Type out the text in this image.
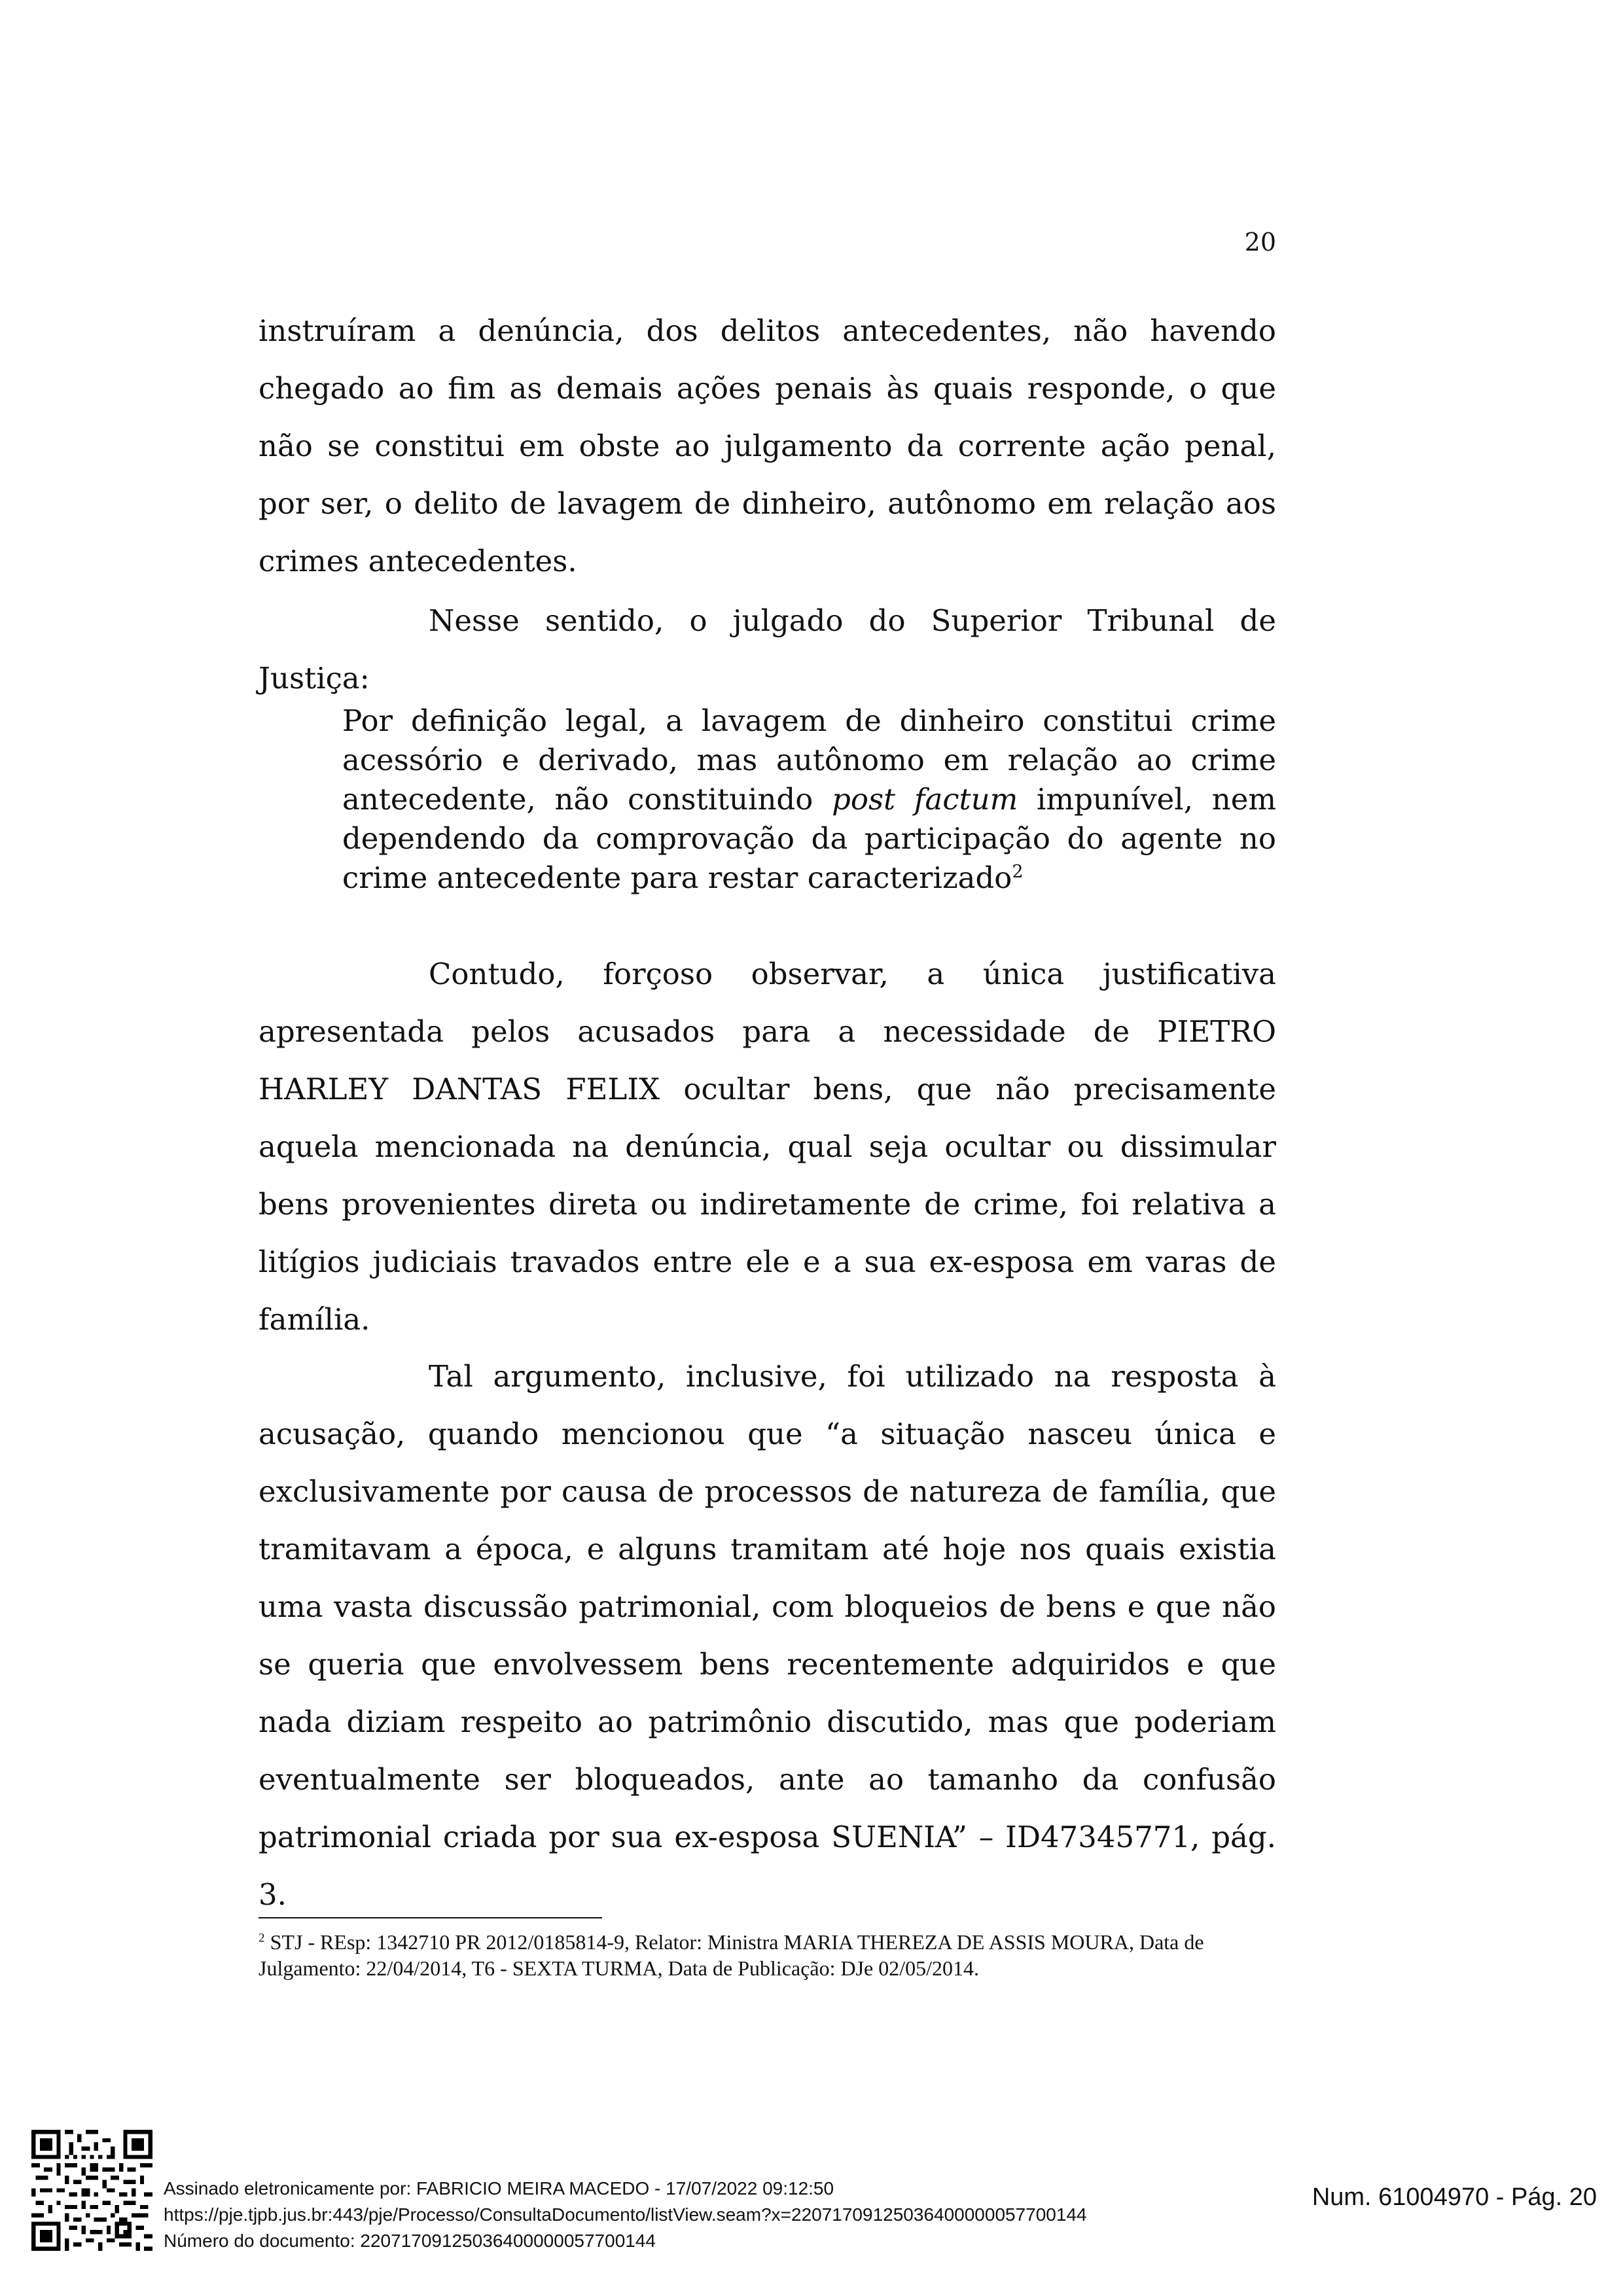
20

instruíram a denúncia, dos delitos antecedentes, não havendo chegado ao fim as demais ações penais às quais responde, o que não se constitui em obste ao julgamento da corrente ação penal, por ser, o delito de lavagem de dinheiro, autônomo em relação aos crimes antecedentes.

Nesse sentido, o julgado do Superior Tribunal de Justiça:

Por definição legal, a lavagem de dinheiro constitui crime acessório e derivado, mas autônomo em relação ao crime antecedente, não constituindo post factum impunível, nem dependendo da comprovação da participação do agente no crime antecedente para restar caracterizado$^2$

Contudo, forçoso observar, a única justificativa apresentada pelos acusados para a necessidade de PIETRO HARLEY DANTAS FELIX ocultar bens, que não precisamente aquela mencionada na denúncia, qual seja ocultar ou dissimular bens provenientes direta ou indiretamente de crime, foi relativa a litígios judiciais travados entre ele e a sua ex-esposa em varas de família.

Tal argumento, inclusive, foi utilizado na resposta à acusação, quando mencionou que “a situação nasceu única e exclusivamente por causa de processos de natureza de família, que tramitavam a época, e alguns tramitam até hoje nos quais existia uma vasta discussão patrimonial, com bloqueios de bens e que não se queria que envolvessem bens recentemente adquiridos e que nada diziam respeito ao patrimônio discutido, mas que poderiam eventualmente ser bloqueados, ante ao tamanho da confusão patrimonial criada por sua ex-esposa SUENIA” – ID47345771, pág. 3.

$^2$ STJ - REsp: 1342710 PR 2012/0185814-9, Relator: Ministra MARIA THEREZA DE ASSIS MOURA, Data de Julgamento: 22/04/2014, T6 - SEXTA TURMA, Data de Publicação: DJe 02/05/2014.

Assinado eletronicamente por: FABRICIO MEIRA MACEDO - 17/07/2022 09:12:50
https://pje.tjpb.jus.br:443/pje/Processo/ConsultaDocumento/listView.seam?x=22071709125036400000057700144
Número do documento: 22071709125036400000057700144
Num. 61004970 - Pág. 20
